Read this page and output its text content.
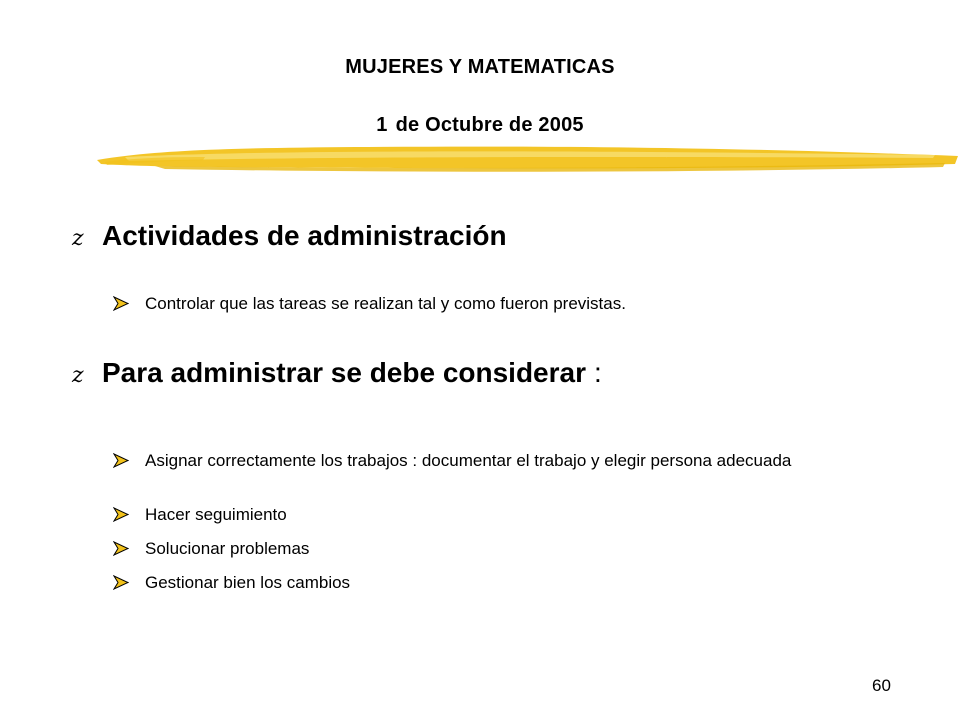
MUJERES Y MATEMATICAS
1 de Octubre de 2005
z Actividades de administración
Controlar que las tareas se realizan tal y como fueron previstas.
z Para administrar se debe considerar :
Asignar correctamente los trabajos : documentar el trabajo y elegir persona adecuada
Hacer seguimiento
Solucionar problemas
Gestionar bien los cambios
60
